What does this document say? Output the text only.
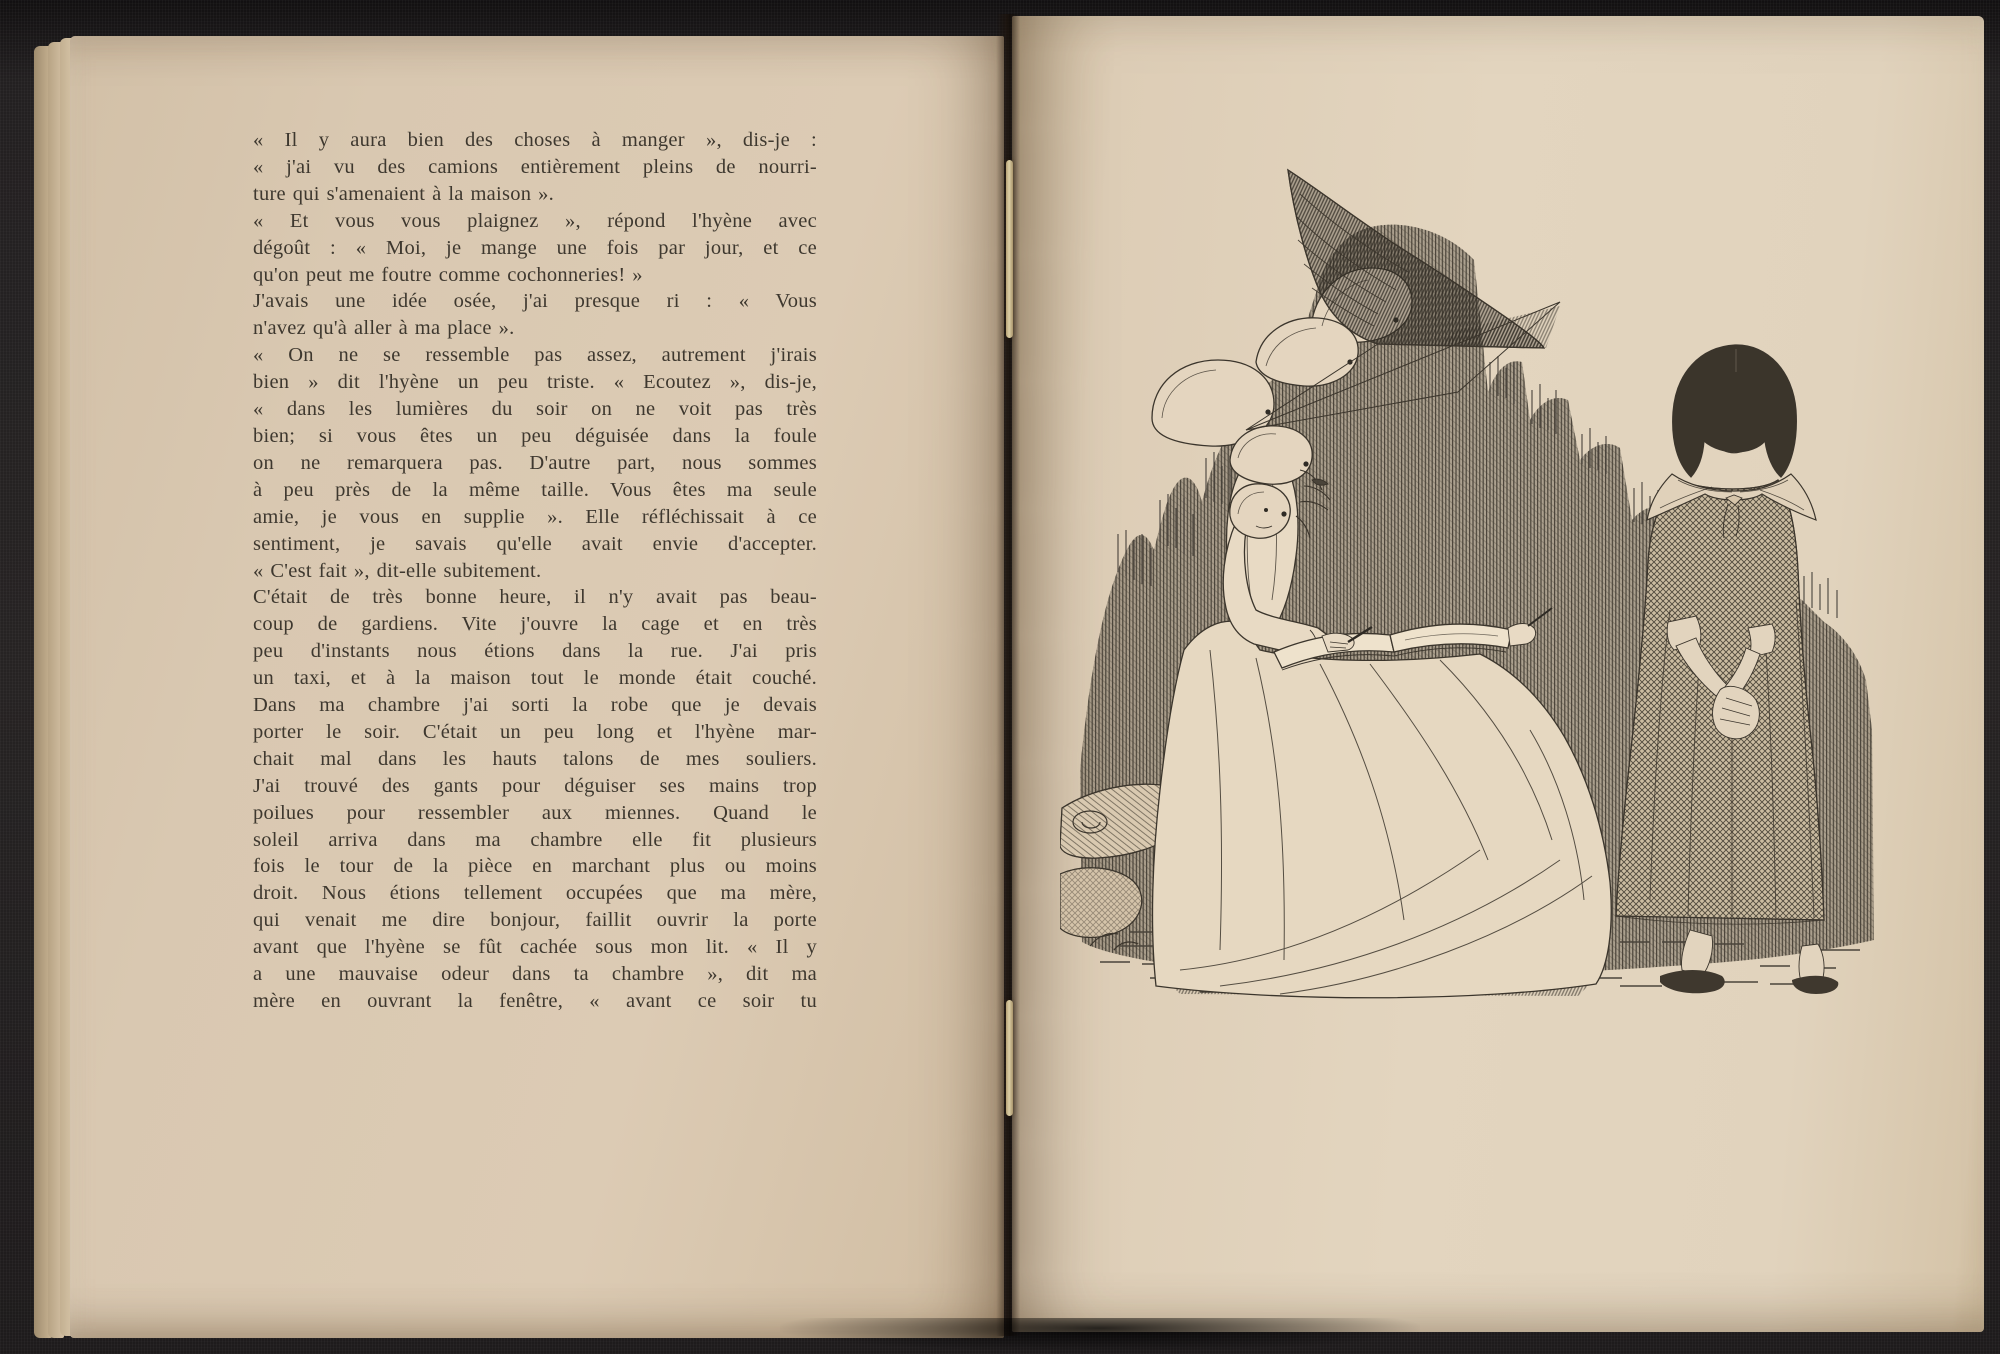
« Il y aura bien des choses à manger », dis-je :
« j'ai vu des camions entièrement pleins de nourri-
ture qui s'amenaient à la maison ».
« Et vous vous plaignez », répond l'hyène avec
dégoût : « Moi, je mange une fois par jour, et ce
qu'on peut me foutre comme cochonneries! »
J'avais une idée osée, j'ai presque ri : « Vous
n'avez qu'à aller à ma place ».
« On ne se ressemble pas assez, autrement j'irais
bien » dit l'hyène un peu triste. « Ecoutez », dis-je,
« dans les lumières du soir on ne voit pas très
bien; si vous êtes un peu déguisée dans la foule
on ne remarquera pas. D'autre part, nous sommes
à peu près de la même taille. Vous êtes ma seule
amie, je vous en supplie ». Elle réfléchissait à ce
sentiment, je savais qu'elle avait envie d'accepter.
« C'est fait », dit-elle subitement.
C'était de très bonne heure, il n'y avait pas beau-
coup de gardiens. Vite j'ouvre la cage et en très
peu d'instants nous étions dans la rue. J'ai pris
un taxi, et à la maison tout le monde était couché.
Dans ma chambre j'ai sorti la robe que je devais
porter le soir. C'était un peu long et l'hyène mar-
chait mal dans les hauts talons de mes souliers.
J'ai trouvé des gants pour déguiser ses mains trop
poilues pour ressembler aux miennes. Quand le
soleil arriva dans ma chambre elle fit plusieurs
fois le tour de la pièce en marchant plus ou moins
droit. Nous étions tellement occupées que ma mère,
qui venait me dire bonjour, faillit ouvrir la porte
avant que l'hyène se fût cachée sous mon lit. « Il y
a une mauvaise odeur dans ta chambre », dit ma
mère en ouvrant la fenêtre, « avant ce soir tu
